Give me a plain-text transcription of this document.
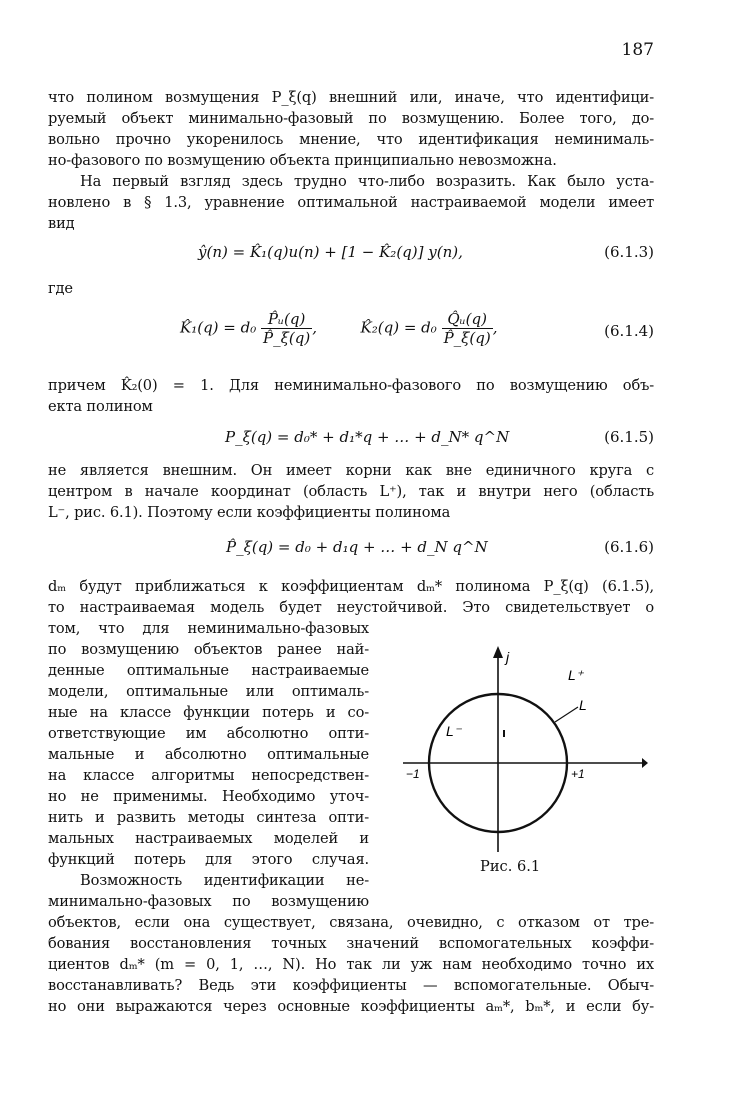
187
что полином возмущения P_ξ(q) внешний или, иначе, что идентифици-
руемый объект минимально-фазовый по возмущению. Более того, до-
вольно прочно укоренилось мнение, что идентификация неминималь-
но-фазового по возмущению объекта принципиально невозможна.
На первый взгляд здесь трудно что-либо возразить. Как было уста-
новлено в § 1.3, уравнение оптимальной настраиваемой модели имеет
вид
ŷ(n) = K̂₁(q)u(n) + [1 − K̂₂(q)] y(n),	(6.1.3)
где
K̂₁(q) = $d_0 \frac{\text{P̂ᵤ(q)}}{P̂\_\xi(q)}$ ,	K̂₂(q) = $d_0 \frac{\text{Q̂ᵤ(q)}}{P̂\_\xi(q)}$ ,	(6.1.4)
причем K̂₂(0) = 1. Для неминимально-фазового по возмущению объ-
екта полином
P_ξ(q) = d₀* + d₁*q + … + d_N* q^N	(6.1.5)
не является внешним. Он имеет корни как вне единичного круга с
центром в начале координат (область L⁺), так и внутри него (область
L⁻, рис. 6.1). Поэтому если коэффициенты полинома
P̂_ξ(q) = d₀ + d₁q + … + d_N q^N	(6.1.6)
dₘ будут приближаться к коэффициентам dₘ* полинома P_ξ(q) (6.1.5),
то настраиваемая модель будет неустойчивой. Это свидетельствует о
том, что для неминимально-фазовых
по возмущению объектов ранее най-
денные оптимальные настраиваемые
модели, оптимальные или оптималь-
ные на классе функции потерь и со-
ответствующие им абсолютно опти-
мальные и абсолютно оптимальные
на классе алгоритмы непосредствен-
но не применимы. Необходимо уточ-
нить и развить методы синтеза опти-
мальных настраиваемых моделей и
функций потерь для этого случая.
Возможность идентификации не-
минимально-фазовых по возмущению
объектов, если она существует, связана, очевидно, с отказом от тре-
бования восстановления точных значений вспомогательных коэффи-
циентов dₘ* (m = 0, 1, …, N). Но так ли уж нам необходимо точно их
восстанавливать? Ведь эти коэффициенты — вспомогательные. Обыч-
но они выражаются через основные коэффициенты aₘ*, bₘ*, и если бу-
j
L⁺
L
L⁻
−1	+1
Рис. 6.1
